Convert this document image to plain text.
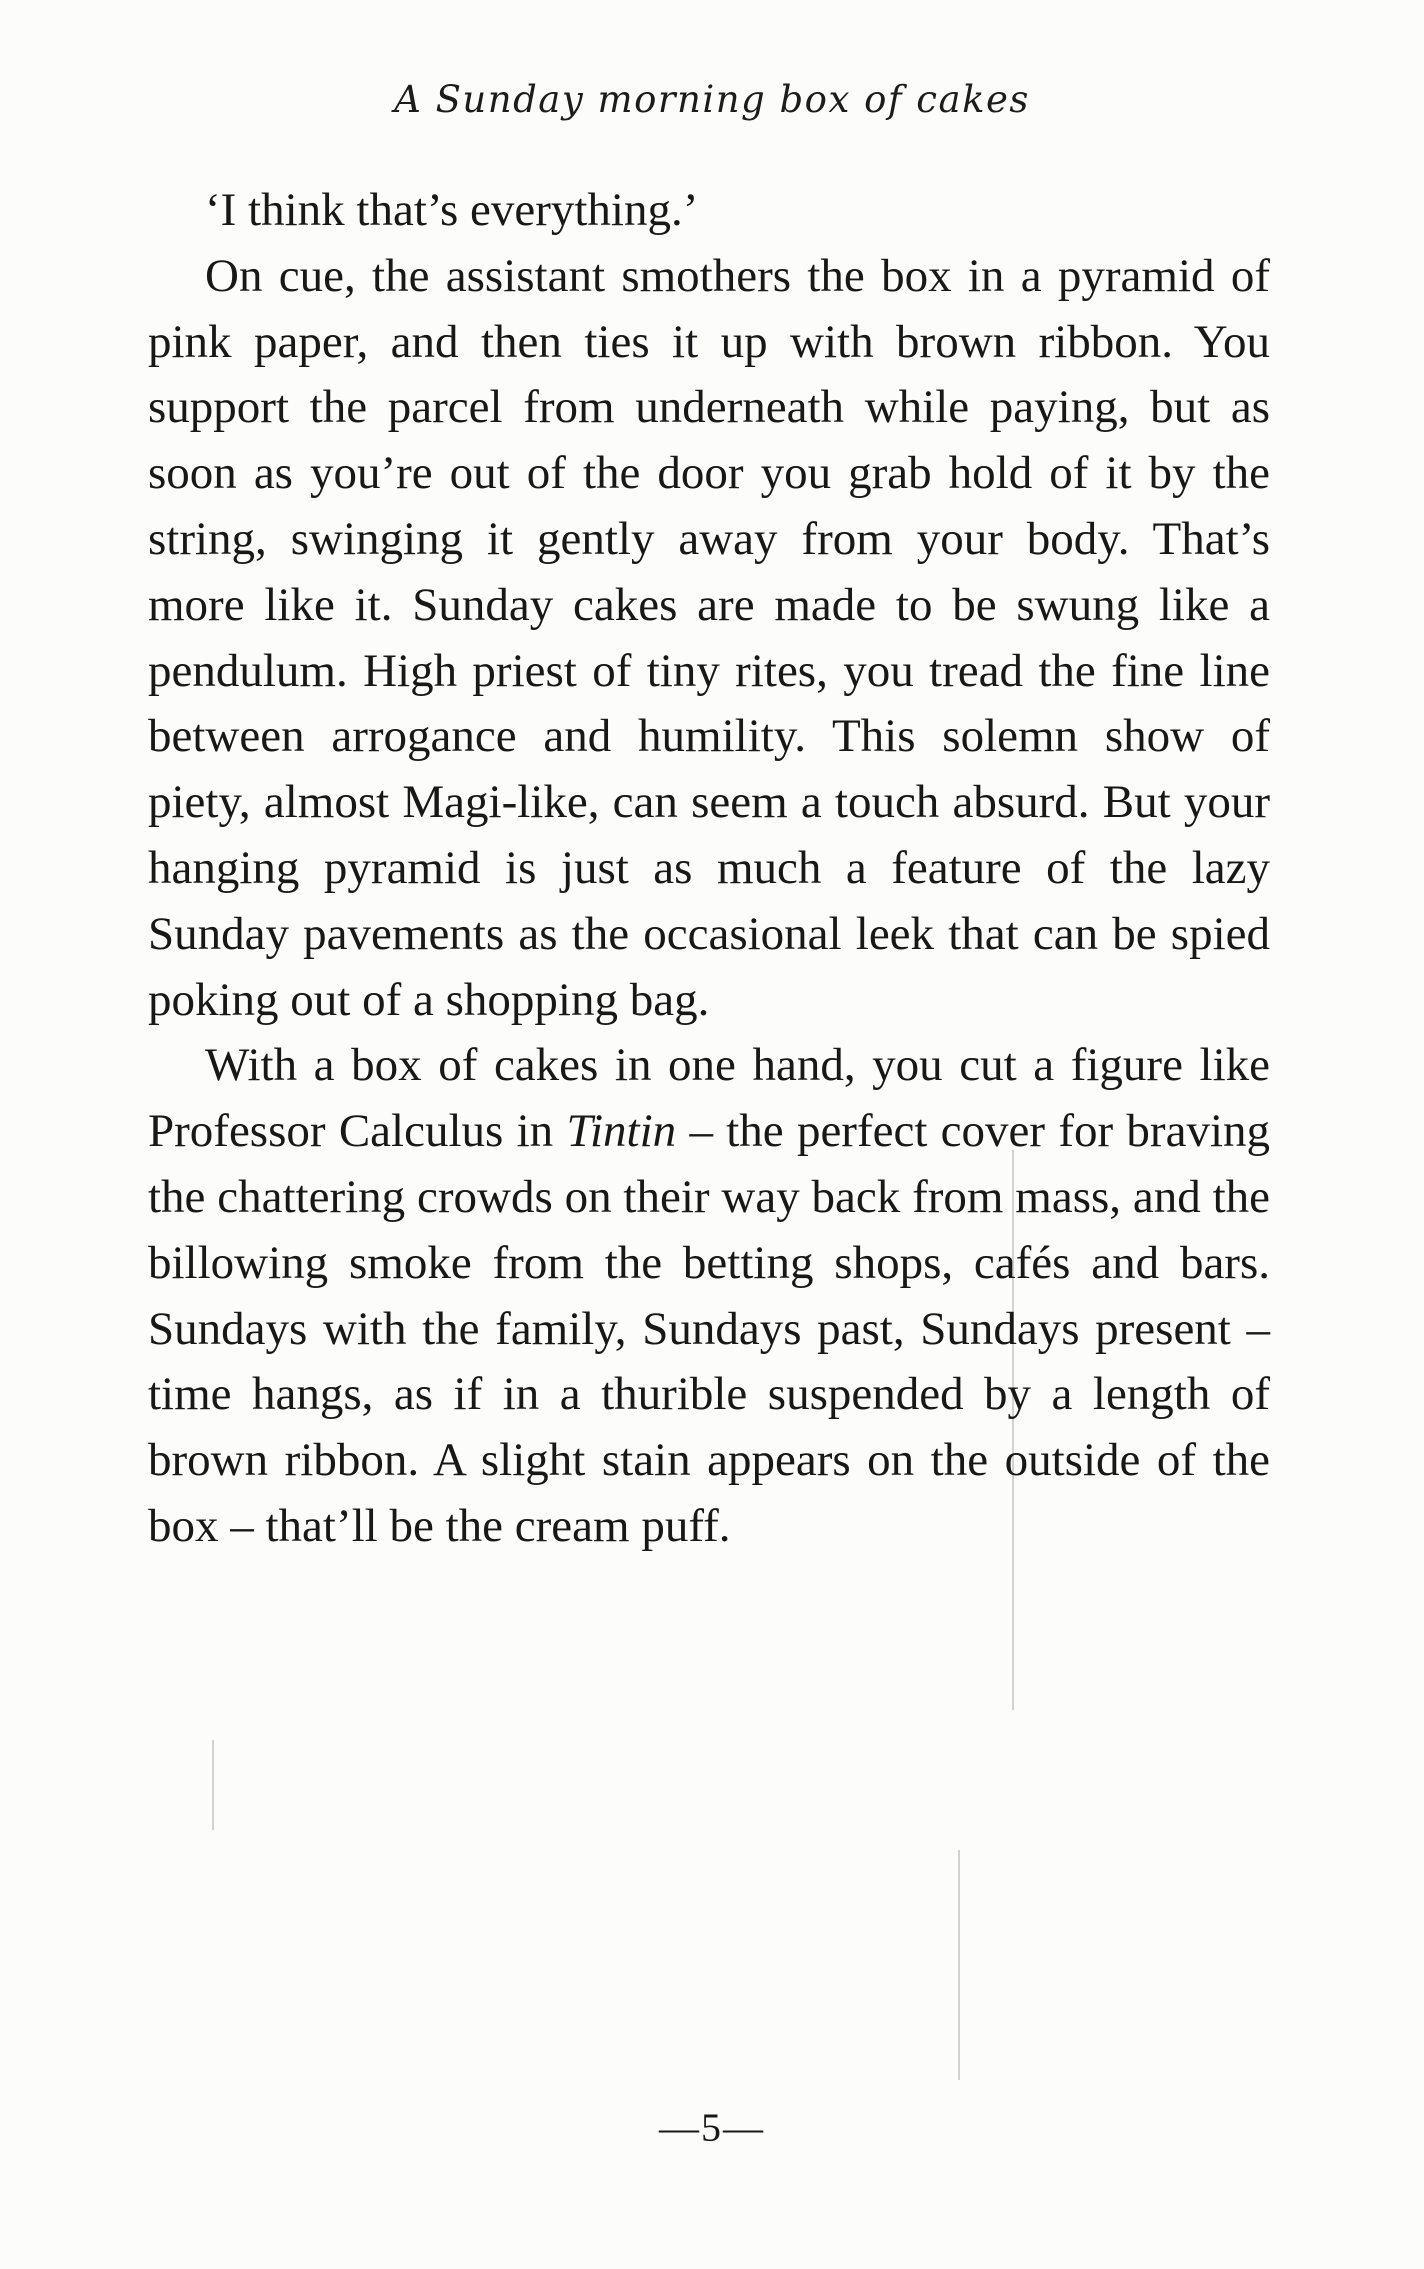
A Sunday morning box of cakes

‘I think that’s everything.’

On cue, the assistant smothers the box in a pyramid of pink paper, and then ties it up with brown ribbon. You support the parcel from underneath while paying, but as soon as you’re out of the door you grab hold of it by the string, swinging it gently away from your body. That’s more like it. Sunday cakes are made to be swung like a pendulum. High priest of tiny rites, you tread the fine line between arrogance and humility. This solemn show of piety, almost Magi-like, can seem a touch absurd. But your hanging pyramid is just as much a feature of the lazy Sunday pavements as the occasional leek that can be spied poking out of a shopping bag.

With a box of cakes in one hand, you cut a figure like Professor Calculus in Tintin – the perfect cover for braving the chattering crowds on their way back from mass, and the billowing smoke from the betting shops, cafés and bars. Sundays with the family, Sundays past, Sundays present – time hangs, as if in a thurible suspended by a length of brown ribbon. A slight stain appears on the outside of the box – that’ll be the cream puff.

—5—
